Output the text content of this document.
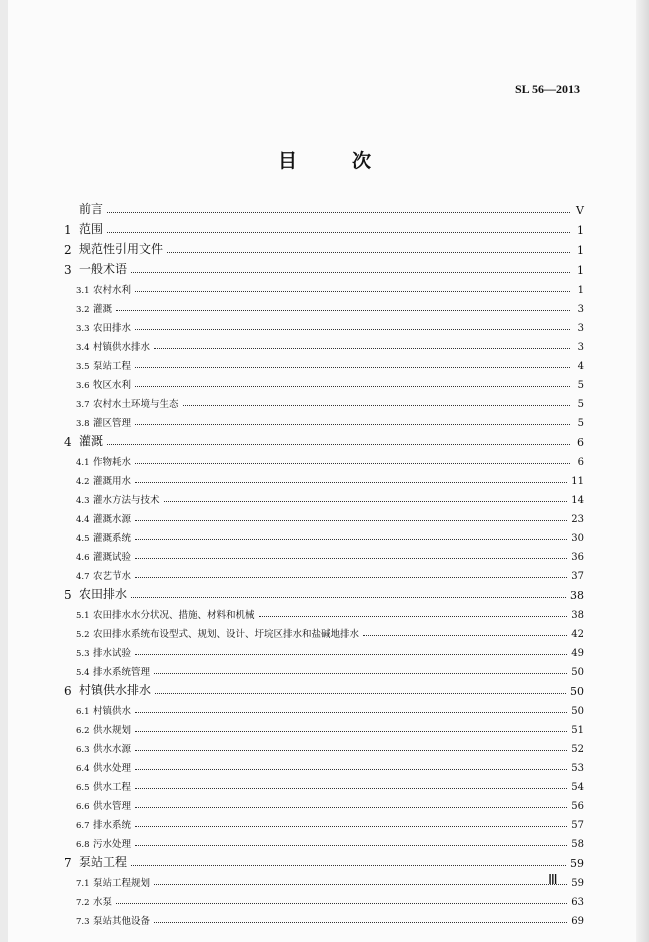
SL 56—2013
目　次
前言	Ⅴ
1 范围	1
2 规范性引用文件	1
3 一般术语	1
3.1 农村水利	1
3.2 灌溉	3
3.3 农田排水	3
3.4 村镇供水排水	3
3.5 泵站工程	4
3.6 牧区水利	5
3.7 农村水土环境与生态	5
3.8 灌区管理	5
4 灌溉	6
4.1 作物耗水	6
4.2 灌溉用水	11
4.3 灌水方法与技术	14
4.4 灌溉水源	23
4.5 灌溉系统	30
4.6 灌溉试验	36
4.7 农艺节水	37
5 农田排水	38
5.1 农田排水水分状况、措施、材料和机械	38
5.2 农田排水系统布设型式、规划、设计、圩垸区排水和盐碱地排水	42
5.3 排水试验	49
5.4 排水系统管理	50
6 村镇供水排水	50
6.1 村镇供水	50
6.2 供水规划	51
6.3 供水水源	52
6.4 供水处理	53
6.5 供水工程	54
6.6 供水管理	56
6.7 排水系统	57
6.8 污水处理	58
7 泵站工程	59
7.1 泵站工程规划	59
7.2 水泵	63
7.3 泵站其他设备	69
Ⅲ
